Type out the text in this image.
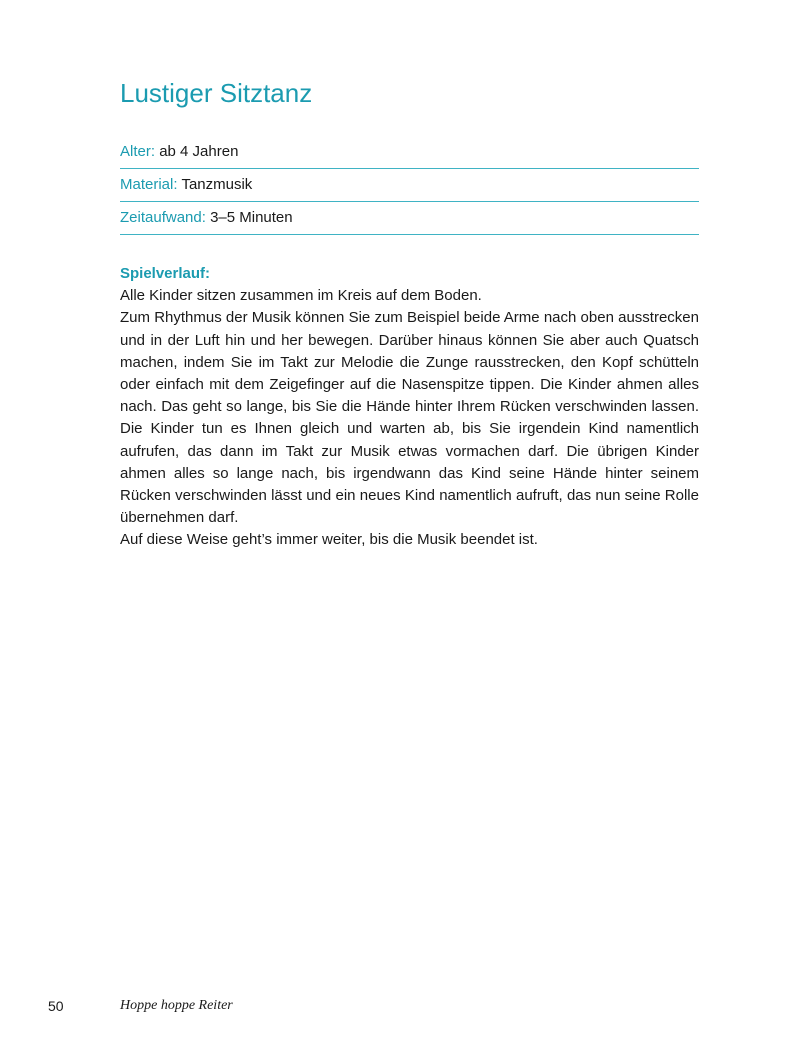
Lustiger Sitztanz
Alter: ab 4 Jahren
Material: Tanzmusik
Zeitaufwand: 3–5 Minuten
Spielverlauf:
Alle Kinder sitzen zusammen im Kreis auf dem Boden.
Zum Rhythmus der Musik können Sie zum Beispiel beide Arme nach oben ausstrecken und in der Luft hin und her bewegen. Darüber hinaus können Sie aber auch Quatsch machen, indem Sie im Takt zur Melodie die Zunge rausstrecken, den Kopf schütteln oder einfach mit dem Zeigefinger auf die Nasenspitze tippen. Die Kinder ahmen alles nach. Das geht so lange, bis Sie die Hände hinter Ihrem Rücken verschwinden lassen. Die Kinder tun es Ihnen gleich und warten ab, bis Sie irgendein Kind namentlich aufrufen, das dann im Takt zur Musik etwas vormachen darf. Die übrigen Kinder ahmen alles so lange nach, bis irgendwann das Kind seine Hände hinter seinem Rücken verschwinden lässt und ein neues Kind namentlich aufruft, das nun seine Rolle übernehmen darf.
Auf diese Weise geht’s immer weiter, bis die Musik beendet ist.
50	Hoppe hoppe Reiter
